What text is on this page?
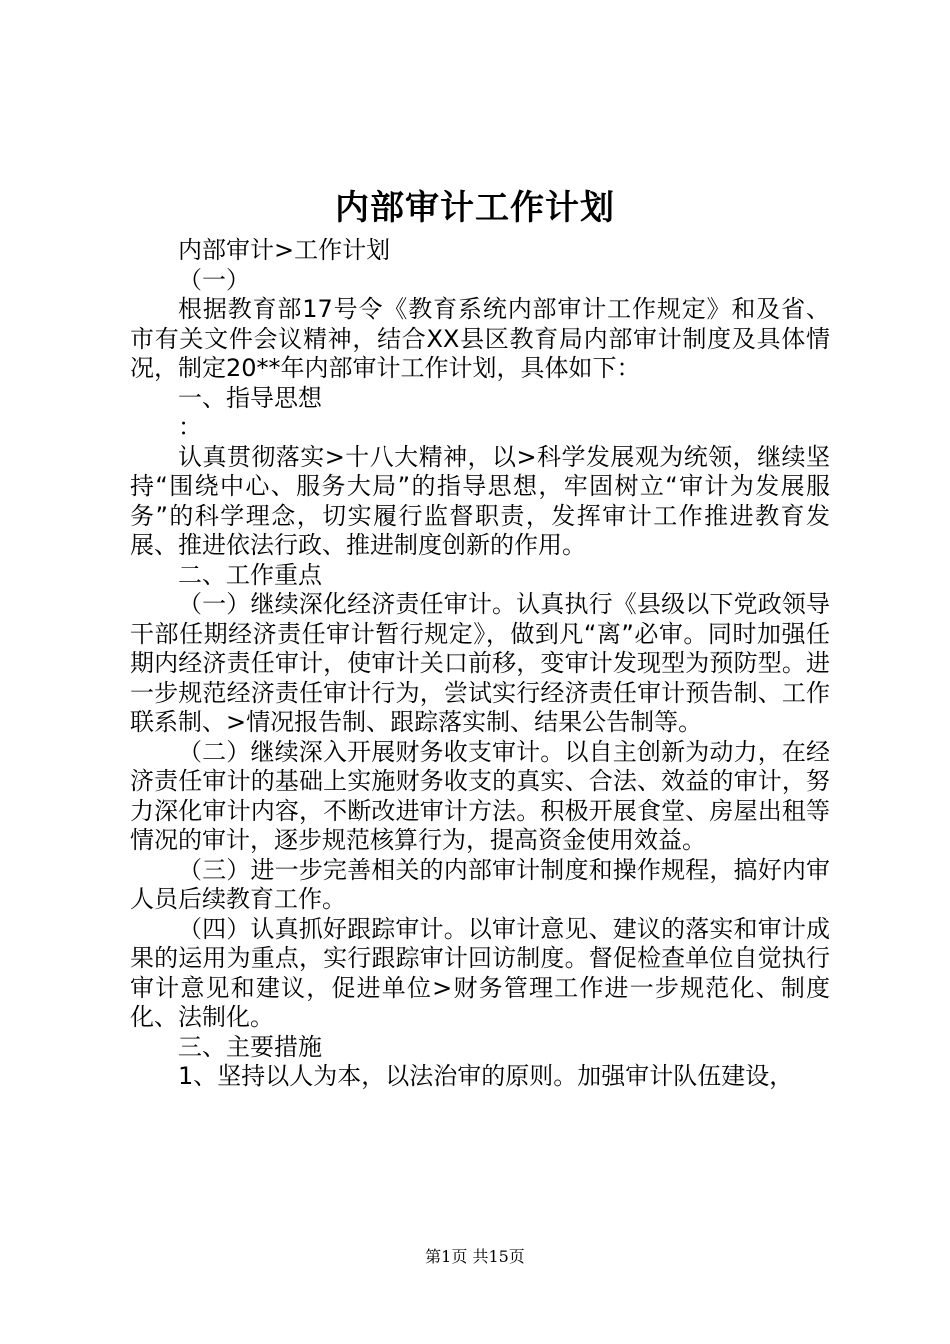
内部审计工作计划

内部审计>工作计划

（一）

根据教育部17号令《教育系统内部审计工作规定》和及省、市有关文件会议精神，结合XX县区教育局内部审计制度及具体情况，制定20**年内部审计工作计划，具体如下：

一、指导思想

：

认真贯彻落实>十八大精神，以>科学发展观为统领，继续坚持“围绕中心、服务大局”的指导思想，牢固树立“审计为发展服务”的科学理念，切实履行监督职责，发挥审计工作推进教育发展、推进依法行政、推进制度创新的作用。

二、工作重点

（一）继续深化经济责任审计。认真执行《县级以下党政领导干部任期经济责任审计暂行规定》，做到凡“离”必审。同时加强任期内经济责任审计，使审计关口前移，变审计发现型为预防型。进一步规范经济责任审计行为，尝试实行经济责任审计预告制、工作联系制、>情况报告制、跟踪落实制、结果公告制等。

（二）继续深入开展财务收支审计。以自主创新为动力，在经济责任审计的基础上实施财务收支的真实、合法、效益的审计，努力深化审计内容，不断改进审计方法。积极开展食堂、房屋出租等情况的审计，逐步规范核算行为，提高资金使用效益。

（三）进一步完善相关的内部审计制度和操作规程，搞好内审人员后续教育工作。

（四）认真抓好跟踪审计。以审计意见、建议的落实和审计成果的运用为重点，实行跟踪审计回访制度。督促检查单位自觉执行审计意见和建议，促进单位>财务管理工作进一步规范化、制度化、法制化。

三、主要措施

1、坚持以人为本，以法治审的原则。加强审计队伍建设，

第1页 共15页
